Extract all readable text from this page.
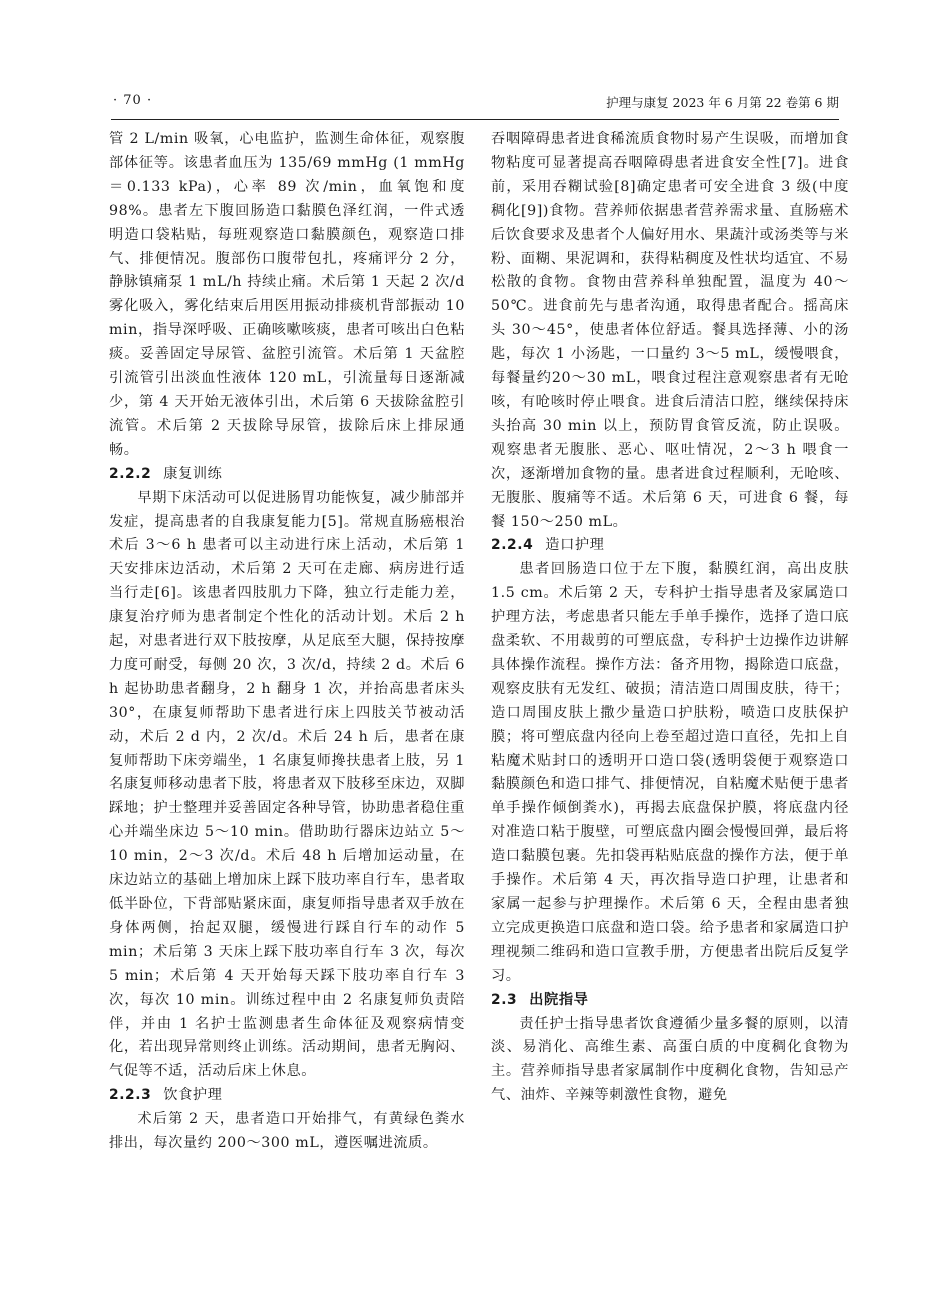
· 70 ·	护理与康复 2023 年 6 月第 22 卷第 6 期

管 2 L/min 吸氧，心电监护，监测生命体征，观察腹部体征等。该患者血压为 135/69 mmHg (1 mmHg＝0.133 kPa)，心率 89 次/min，血氧饱和度 98%。患者左下腹回肠造口黏膜色泽红润，一件式透明造口袋粘贴，每班观察造口黏膜颜色，观察造口排气、排便情况。腹部伤口腹带包扎，疼痛评分 2 分，静脉镇痛泵 1 mL/h 持续止痛。术后第 1 天起 2 次/d 雾化吸入，雾化结束后用医用振动排痰机背部振动 10 min，指导深呼吸、正确咳嗽咳痰，患者可咳出白色粘痰。妥善固定导尿管、盆腔引流管。术后第 1 天盆腔引流管引出淡血性液体 120 mL，引流量每日逐渐减少，第 4 天开始无液体引出，术后第 6 天拔除盆腔引流管。术后第 2 天拔除导尿管，拔除后床上排尿通畅。

2.2.2 康复训练

早期下床活动可以促进肠胃功能恢复，减少肺部并发症，提高患者的自我康复能力[5]。常规直肠癌根治术后 3～6 h 患者可以主动进行床上活动，术后第 1 天安排床边活动，术后第 2 天可在走廊、病房进行适当行走[6]。该患者四肢肌力下降，独立行走能力差，康复治疗师为患者制定个性化的活动计划。术后 2 h 起，对患者进行双下肢按摩，从足底至大腿，保持按摩力度可耐受，每侧 20 次，3 次/d，持续 2 d。术后 6 h 起协助患者翻身，2 h 翻身 1 次，并抬高患者床头 30°，在康复师帮助下患者进行床上四肢关节被动活动，术后 2 d 内，2 次/d。术后 24 h 后，患者在康复师帮助下床旁端坐，1 名康复师搀扶患者上肢，另 1 名康复师移动患者下肢，将患者双下肢移至床边，双脚踩地；护士整理并妥善固定各种导管，协助患者稳住重心并端坐床边 5～10 min。借助助行器床边站立 5～10 min，2～3 次/d。术后 48 h 后增加运动量，在床边站立的基础上增加床上踩下肢功率自行车，患者取低半卧位，下背部贴紧床面，康复师指导患者双手放在身体两侧，抬起双腿，缓慢进行踩自行车的动作 5 min；术后第 3 天床上踩下肢功率自行车 3 次，每次 5 min；术后第 4 天开始每天踩下肢功率自行车 3 次，每次 10 min。训练过程中由 2 名康复师负责陪伴，并由 1 名护士监测患者生命体征及观察病情变化，若出现异常则终止训练。活动期间，患者无胸闷、气促等不适，活动后床上休息。

2.2.3 饮食护理

术后第 2 天，患者造口开始排气，有黄绿色粪水排出，每次量约 200～300 mL，遵医嘱进流质。

吞咽障碍患者进食稀流质食物时易产生误吸，而增加食物粘度可显著提高吞咽障碍患者进食安全性[7]。进食前，采用吞糊试验[8]确定患者可安全进食 3 级(中度稠化[9])食物。营养师依据患者营养需求量、直肠癌术后饮食要求及患者个人偏好用水、果蔬汁或汤类等与米粉、面糊、果泥调和，获得粘稠度及性状均适宜、不易松散的食物。食物由营养科单独配置，温度为 40～50℃。进食前先与患者沟通，取得患者配合。摇高床头 30～45°，使患者体位舒适。餐具选择薄、小的汤匙，每次 1 小汤匙，一口量约 3～5 mL，缓慢喂食，每餐量约20～30 mL，喂食过程注意观察患者有无呛咳，有呛咳时停止喂食。进食后清洁口腔，继续保持床头抬高 30 min 以上，预防胃食管反流，防止误吸。观察患者无腹胀、恶心、呕吐情况，2～3 h 喂食一次，逐渐增加食物的量。患者进食过程顺利，无呛咳、无腹胀、腹痛等不适。术后第 6 天，可进食 6 餐，每餐 150～250 mL。

2.2.4 造口护理

患者回肠造口位于左下腹，黏膜红润，高出皮肤 1.5 cm。术后第 2 天，专科护士指导患者及家属造口护理方法，考虑患者只能左手单手操作，选择了造口底盘柔软、不用裁剪的可塑底盘，专科护士边操作边讲解具体操作流程。操作方法：备齐用物，揭除造口底盘，观察皮肤有无发红、破损；清洁造口周围皮肤，待干；造口周围皮肤上撒少量造口护肤粉，喷造口皮肤保护膜；将可塑底盘内径向上卷至超过造口直径，先扣上自粘魔术贴封口的透明开口造口袋(透明袋便于观察造口黏膜颜色和造口排气、排便情况，自粘魔术贴便于患者单手操作倾倒粪水)，再揭去底盘保护膜，将底盘内径对准造口粘于腹壁，可塑底盘内圈会慢慢回弹，最后将造口黏膜包裹。先扣袋再粘贴底盘的操作方法，便于单手操作。术后第 4 天，再次指导造口护理，让患者和家属一起参与护理操作。术后第 6 天，全程由患者独立完成更换造口底盘和造口袋。给予患者和家属造口护理视频二维码和造口宣教手册，方便患者出院后反复学习。

2.3 出院指导

责任护士指导患者饮食遵循少量多餐的原则，以清淡、易消化、高维生素、高蛋白质的中度稠化食物为主。营养师指导患者家属制作中度稠化食物，告知忌产气、油炸、辛辣等刺激性食物，避免
